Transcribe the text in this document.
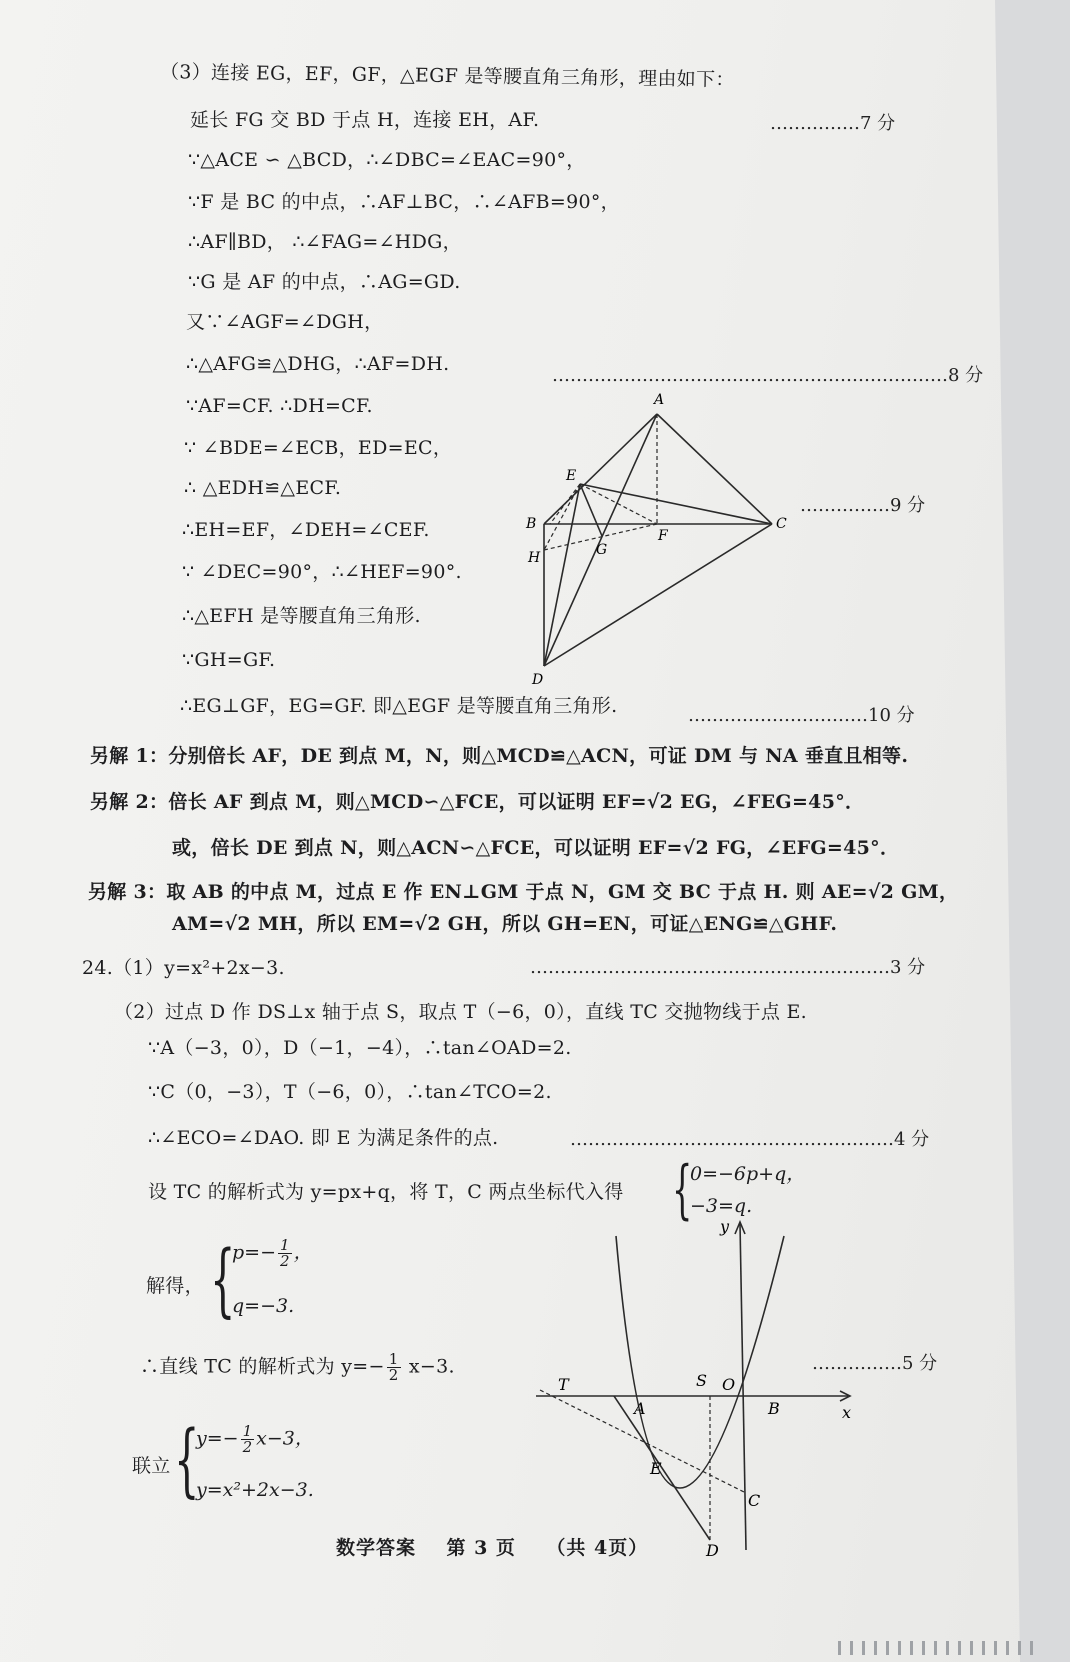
（3）连接 EG，EF，GF，△EGF 是等腰直角三角形，理由如下：
……………7 分
延长 FG 交 BD 于点 H，连接 EH，AF.
∵△ACE ∽ △BCD，∴∠DBC=∠EAC=90°，
∵F 是 BC 的中点，∴AF⊥BC，∴∠AFB=90°，
∴AF∥BD， ∴∠FAG=∠HDG，
∵G 是 AF 的中点，∴AG=GD.
又∵∠AGF=∠DGH，
∴△AFG≌△DHG，∴AF=DH.
…………………………………………………………8 分
∵AF=CF. ∴DH=CF.
∵ ∠BDE=∠ECB，ED=EC，
∴ △EDH≌△ECF.
……………9 分
∴EH=EF，∠DEH=∠CEF.
∵ ∠DEC=90°，∴∠HEF=90°.
∴△EFH 是等腰直角三角形.
∵GH=GF.
∴EG⊥GF，EG=GF. 即△EGF 是等腰直角三角形.	…………………………10 分
A
B	C
D
E
F
G
H
另解 1：分别倍长 AF，DE 到点 M，N，则△MCD≌△ACN，可证 DM 与 NA 垂直且相等.
另解 2：倍长 AF 到点 M，则△MCD∽△FCE，可以证明 EF=√2 EG，∠FEG=45°．
或，倍长 DE 到点 N，则△ACN∽△FCE，可以证明 EF=√2 FG，∠EFG=45°．
另解 3：取 AB 的中点 M，过点 E 作 EN⊥GM 于点 N，GM 交 BC 于点 H. 则 AE=√2 GM，
AM=√2 MH，所以 EM=√2 GH，所以 GH=EN，可证△ENG≌△GHF.
24.（1）y=x²+2x−3.	……………………………………………………3 分
（2）过点 D 作 DS⊥x 轴于点 S，取点 T（−6，0），直线 TC 交抛物线于点 E.
∵A（−3，0），D（−1，−4），∴tan∠OAD=2.
∵C（0，−3），T（−6，0），∴tan∠TCO=2.
∴∠ECO=∠DAO. 即 E 为满足条件的点.	………………………………………………4 分
设 TC 的解析式为 y=px+q，将 T，C 两点坐标代入得 {
0=−6p+q，
−3=q.
解得， {
$p=- \frac{1}{2}$ ，
q=−3.
∴直线 TC 的解析式为 $y=- \frac{1}{2} x-3$.	……………5 分
联立 {
$y=- \frac{1}{2} x-3$，
y=x²+2x−3.
y
x
T	S O
A	B
E
C
D
数学答案    第 3 页    （共 4页）
